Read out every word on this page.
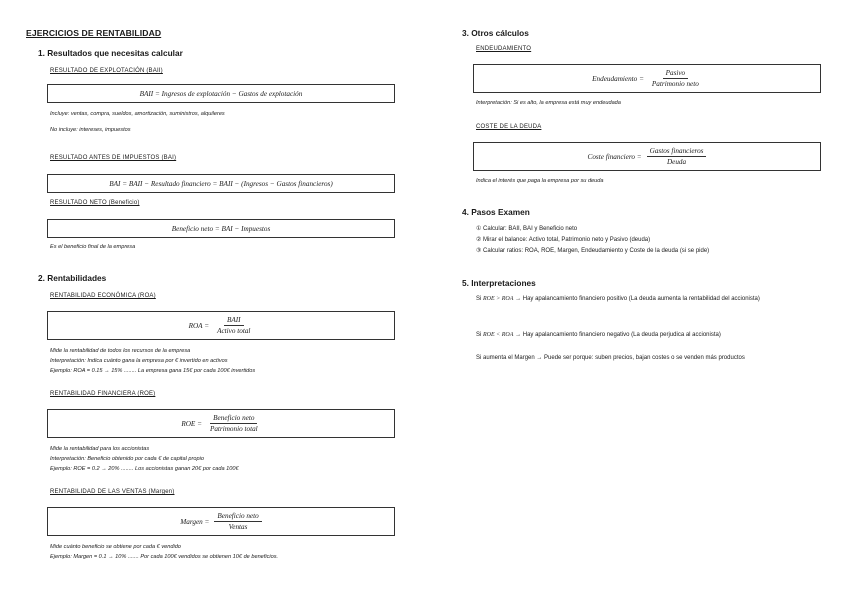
EJERCICIOS DE RENTABILIDAD
1. Resultados que necesitas calcular
RESULTADO DE EXPLOTACIÓN (BAII)
BAII = Ingresos de explotación − Gastos de explotación
Incluye: ventas, compra, sueldos, amortización, suministros, alquileres
No incluye: intereses, impuestos
RESULTADO ANTES DE IMPUESTOS (BAI)
BAI = BAII − Resultado financiero = BAII − (Ingresos − Gastos financieros)
RESULTADO NETO (Beneficio)
Beneficio neto = BAI − Impuestos
Es el beneficio final de la empresa
2. Rentabilidades
RENTABILIDAD ECONÓMICA (ROA)
ROA = $\frac{\text{BAII}}{\text{Activo total}}$
Mide la rentabilidad de todos los recursos de la empresa
Interpretación: Indica cuánto gana la empresa por € invertido en activos
Ejemplo: ROA = 0.15 → 15% ........ La empresa gana 15€ por cada 100€ invertidos
RENTABILIDAD FINANCIERA (ROE)
ROE = $\frac{\text{Beneficio neto}}{\text{Patrimonio total}}$
Mide la rentabilidad para los accionistas
Interpretación: Beneficio obtenido por cada € de capital propio
Ejemplo: ROE = 0.2 → 20% ........ Los accionistas ganan 20€ por cada 100€
RENTABILIDAD DE LAS VENTAS (Margen)
Margen = $\frac{\text{Beneficio neto}}{\text{Ventas}}$
Mide cuánto beneficio se obtiene por cada € vendido
Ejemplo: Margen = 0.1 → 10% ....... Por cada 100€ vendidos se obtienen 10€ de beneficios.
3. Otros cálculos
ENDEUDAMIENTO
Endeudamiento = $\frac{\text{Pasivo}}{\text{Patrimonio neto}}$
Interpretación: Si es alto, la empresa está muy endeudada
COSTE DE LA DEUDA
Coste financiero = $\frac{\text{Gastos financieros}}{\text{Deuda}}$
Indica el interés que paga la empresa por su deuda
4. Pasos Examen
① Calcular: BAII, BAI y Beneficio neto
② Mirar el balance: Activo total, Patrimonio neto y Pasivo (deuda)
③ Calcular ratios: ROA, ROE, Margen, Endeudamiento y Coste de la deuda (si se pide)
5. Interpretaciones
Si ROE > ROA → Hay apalancamiento financiero positivo (La deuda aumenta la rentabilidad del accionista)
Si ROE < ROA → Hay apalancamiento financiero negativo (La deuda perjudica al accionista)
Si aumenta el Margen → Puede ser porque: suben precios, bajan costes o se venden más productos
